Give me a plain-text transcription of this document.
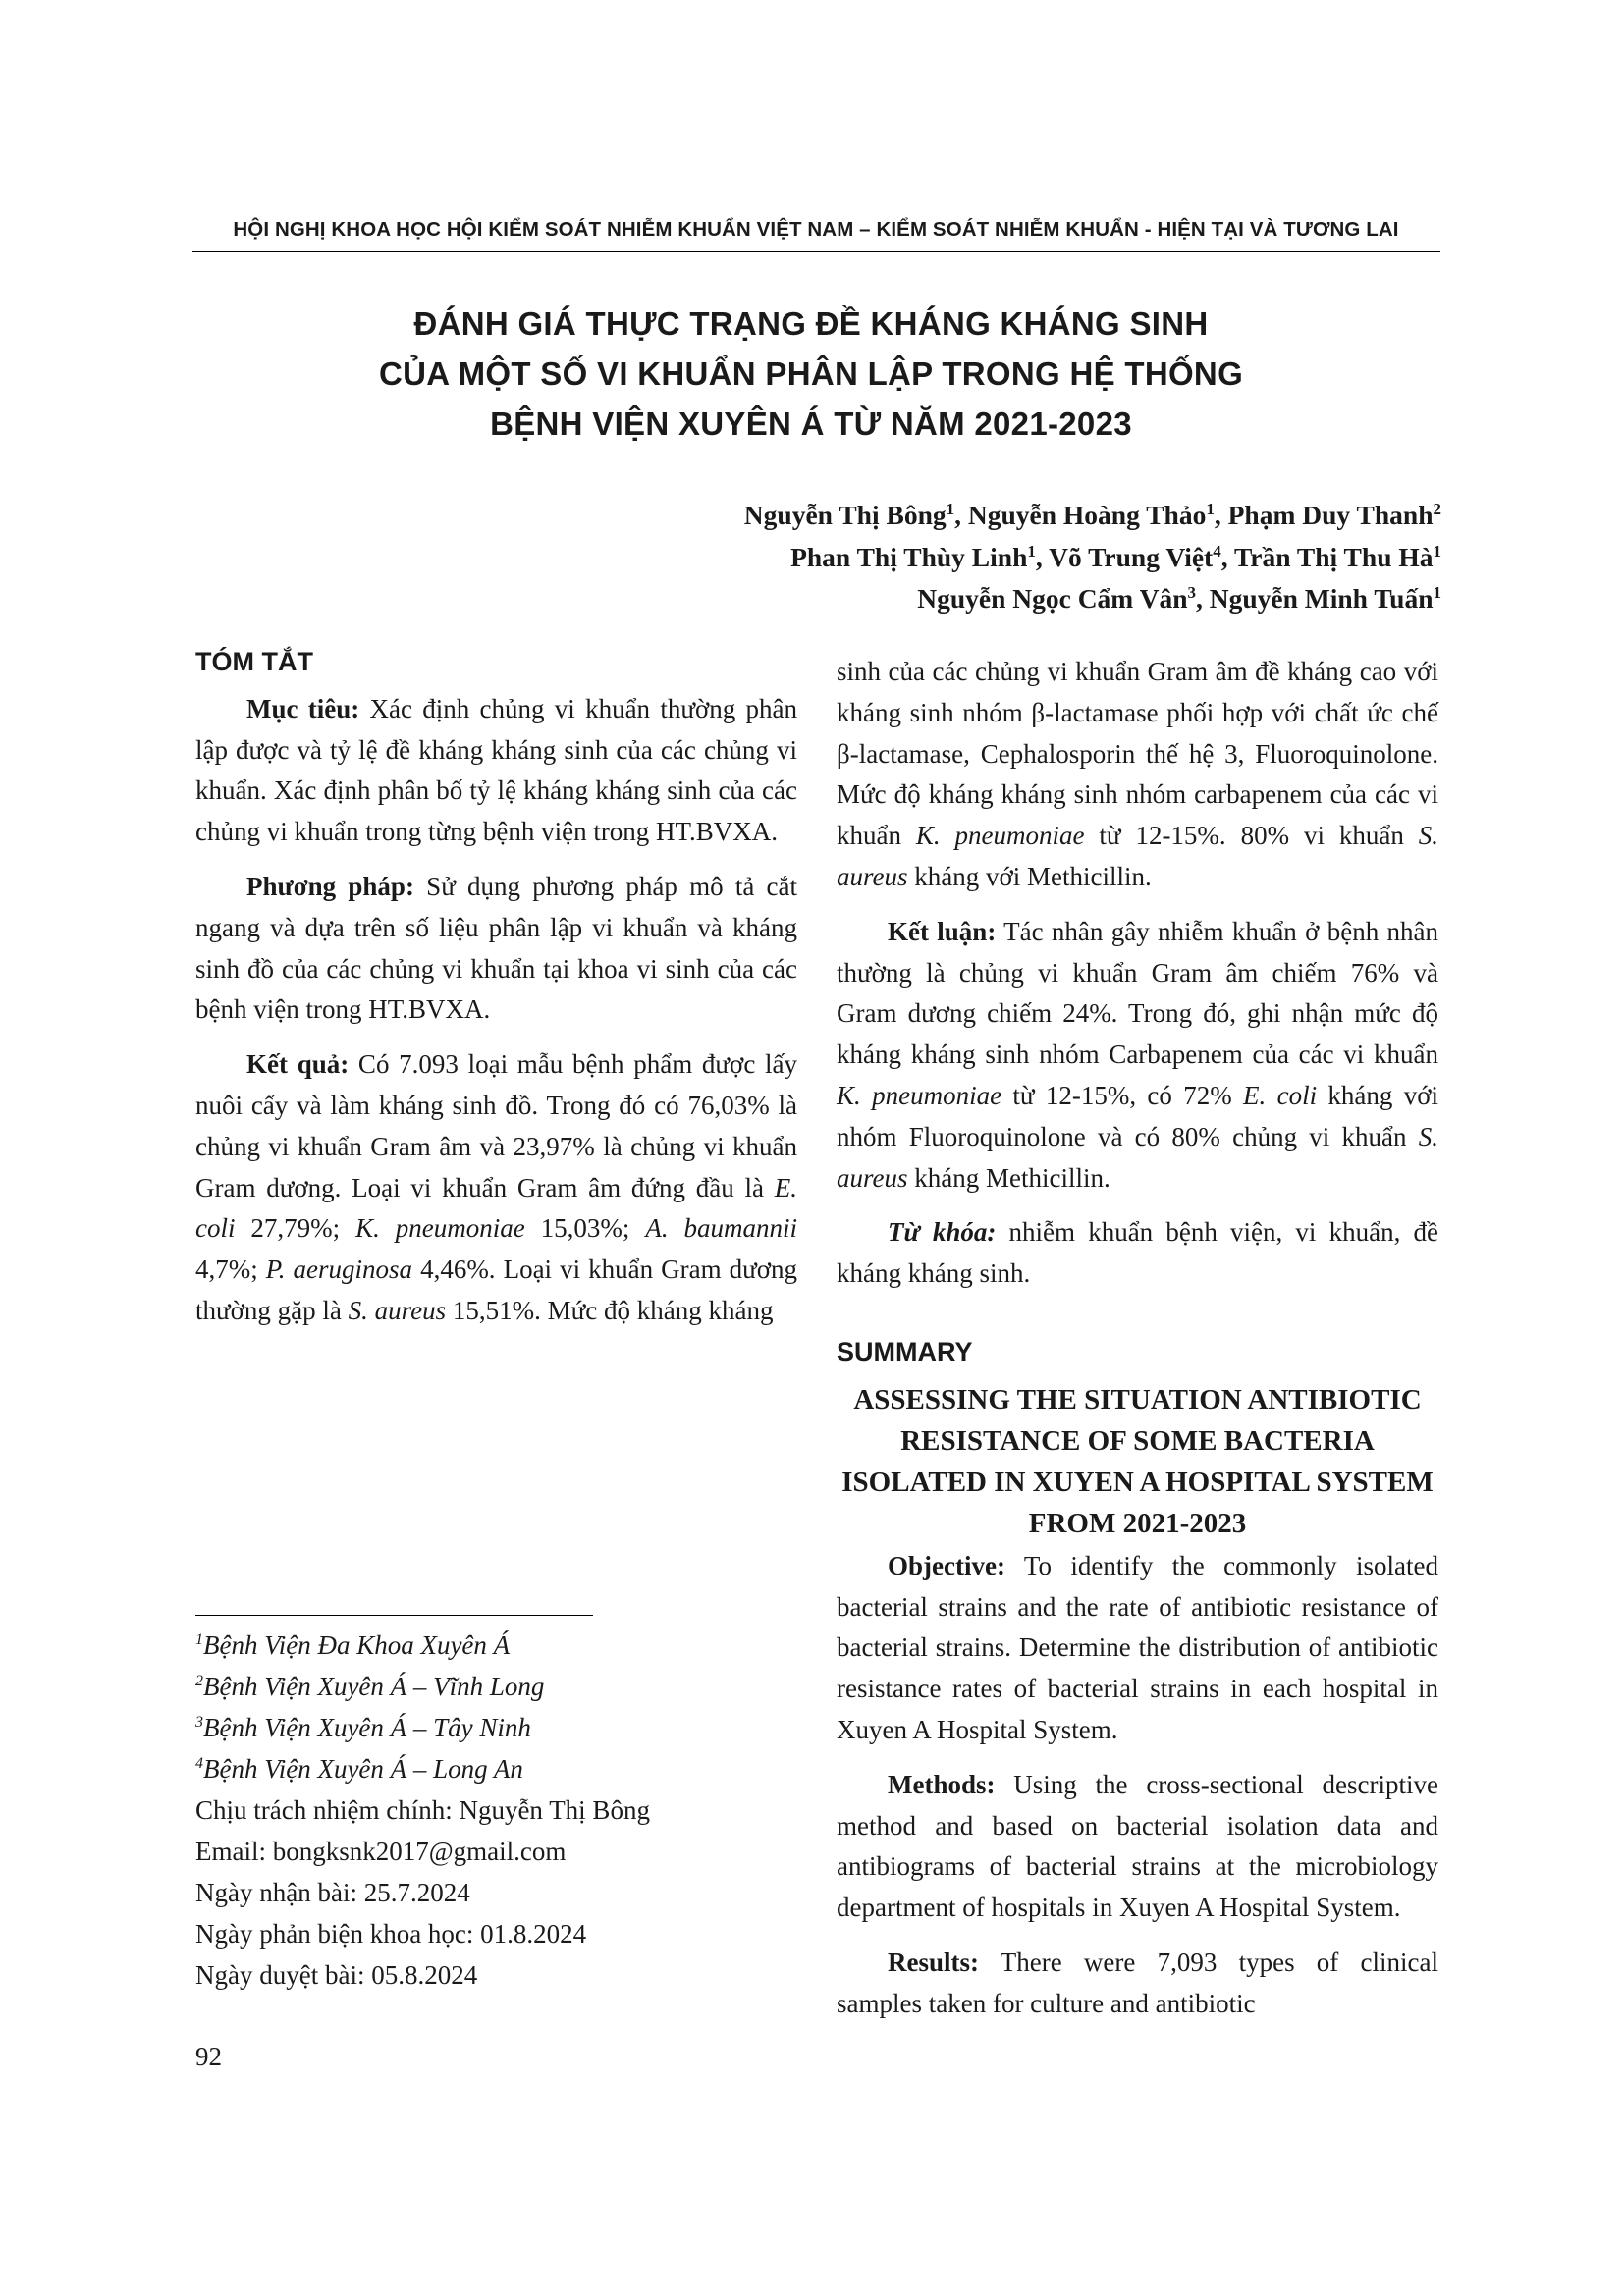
HỘI NGHỊ KHOA HỌC HỘI KIỂM SOÁT NHIỄM KHUẨN VIỆT NAM – KIỂM SOÁT NHIỄM KHUẨN - HIỆN TẠI VÀ TƯƠNG LAI
ĐÁNH GIÁ THỰC TRẠNG ĐỀ KHÁNG KHÁNG SINH
CỦA MỘT SỐ VI KHUẨN PHÂN LẬP TRONG HỆ THỐNG
BỆNH VIỆN XUYÊN Á TỪ NĂM 2021-2023
Nguyễn Thị Bông$^1$, Nguyễn Hoàng Thảo$^1$, Phạm Duy Thanh$^2$
Phan Thị Thùy Linh$^1$, Võ Trung Việt$^4$, Trần Thị Thu $Hà^1$
Nguyễn Ngọc Cẩm Vân$^3$, Nguyễn Minh Tuấn$^1$
TÓM TẮT

Mục tiêu: Xác định chủng vi khuẩn thường phân lập được và tỷ lệ đề kháng kháng sinh của các chủng vi khuẩn. Xác định phân bố tỷ lệ kháng kháng sinh của các chủng vi khuẩn trong từng bệnh viện trong HT.BVXA.

Phương pháp: Sử dụng phương pháp mô tả cắt ngang và dựa trên số liệu phân lập vi khuẩn và kháng sinh đồ của các chủng vi khuẩn tại khoa vi sinh của các bệnh viện trong HT.BVXA.

Kết quả: Có 7.093 loại mẫu bệnh phẩm được lấy nuôi cấy và làm kháng sinh đồ. Trong đó có 76,03% là chủng vi khuẩn Gram âm và 23,97% là chủng vi khuẩn Gram dương. Loại vi khuẩn Gram âm đứng đầu là E. coli 27,79%; K. pneumoniae 15,03%; A. baumannii 4,7%; P. aeruginosa 4,46%. Loại vi khuẩn Gram dương thường gặp là S. aureus 15,51%. Mức độ kháng kháng

$^1$Bệnh Viện Đa Khoa Xuyên Á
$^2$Bệnh Viện Xuyên Á – Vĩnh Long
$^3$Bệnh Viện Xuyên Á – Tây Ninh
$^4$Bệnh Viện Xuyên Á – Long An
Chịu trách nhiệm chính: Nguyễn Thị Bông
Email: bongksnk2017@gmail.com
Ngày nhận bài: 25.7.2024
Ngày phản biện khoa học: 01.8.2024
Ngày duyệt bài: 05.8.2024
92

sinh của các chủng vi khuẩn Gram âm đề kháng cao với kháng sinh nhóm β-lactamase phối hợp với chất ức chế β-lactamase, Cephalosporin thế hệ 3, Fluoroquinolone. Mức độ kháng kháng sinh nhóm carbapenem của các vi khuẩn K. pneumoniae từ 12-15%. 80% vi khuẩn S. aureus kháng với Methicillin.

Kết luận: Tác nhân gây nhiễm khuẩn ở bệnh nhân thường là chủng vi khuẩn Gram âm chiếm 76% và Gram dương chiếm 24%. Trong đó, ghi nhận mức độ kháng kháng sinh nhóm Carbapenem của các vi khuẩn K. pneumoniae từ 12-15%, có 72% E. coli kháng với nhóm Fluoroquinolone và có 80% chủng vi khuẩn S. aureus kháng Methicillin.

Từ khóa: nhiễm khuẩn bệnh viện, vi khuẩn, đề kháng kháng sinh.

SUMMARY

ASSESSING THE SITUATION ANTIBIOTIC RESISTANCE OF SOME BACTERIA ISOLATED IN XUYEN A HOSPITAL SYSTEM FROM 2021-2023

Objective: To identify the commonly isolated bacterial strains and the rate of antibiotic resistance of bacterial strains. Determine the distribution of antibiotic resistance rates of bacterial strains in each hospital in Xuyen A Hospital System.

Methods: Using the cross-sectional descriptive method and based on bacterial isolation data and antibiograms of bacterial strains at the microbiology department of hospitals in Xuyen A Hospital System.

Results: There were 7,093 types of clinical samples taken for culture and antibiotic
